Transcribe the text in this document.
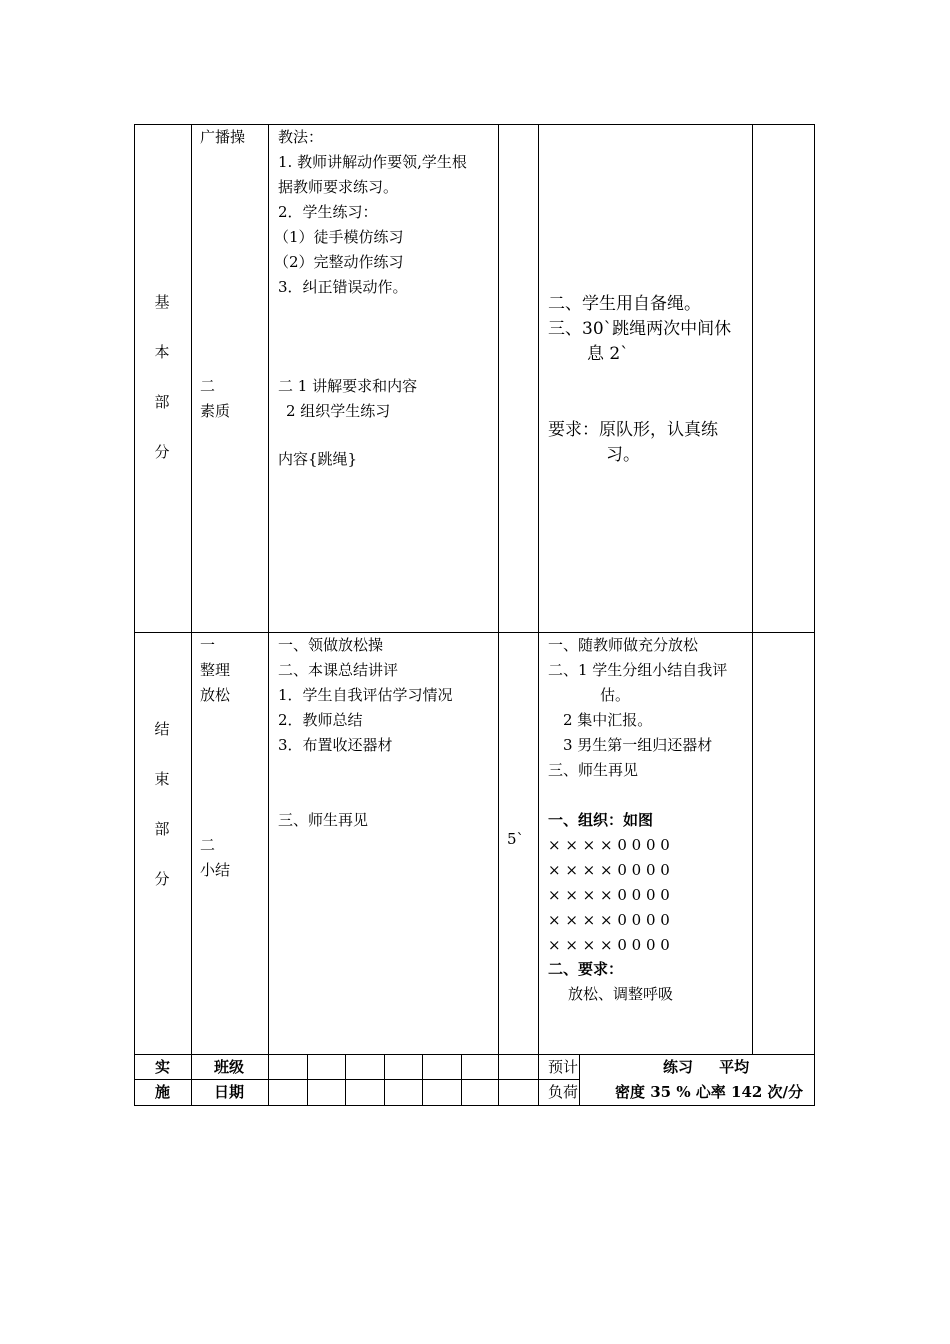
基
本
部
分
广播操
二
素质
教法：
1. 教师讲解动作要领,学生根
据教师要求练习。
2．学生练习：
（1）徒手模仿练习
（2）完整动作练习
3．纠正错误动作。
二 1 讲解要求和内容
2 组织学生练习
内容{跳绳}
二、学生用自备绳。
三、30`跳绳两次中间休
息 2`
要求：原队形，认真练
习。
结
束
部
分
一
整理
放松
二
小结
一、领做放松操
二、本课总结讲评
1．学生自我评估学习情况
2．教师总结
3．布置收还器材
三、师生再见
5`
一、随教师做充分放松
二、1 学生分组小结自我评
估。
2 集中汇报。
3 男生第一组归还器材
三、师生再见
一、组织：如图
× × × × 0 0 0 0
× × × × 0 0 0 0
× × × × 0 0 0 0
× × × × 0 0 0 0
× × × × 0 0 0 0
二、要求：
放松、调整呼吸
实
施
班级
日期
预计
负荷
练习     平均
密度 35 % 心率 142 次/分
